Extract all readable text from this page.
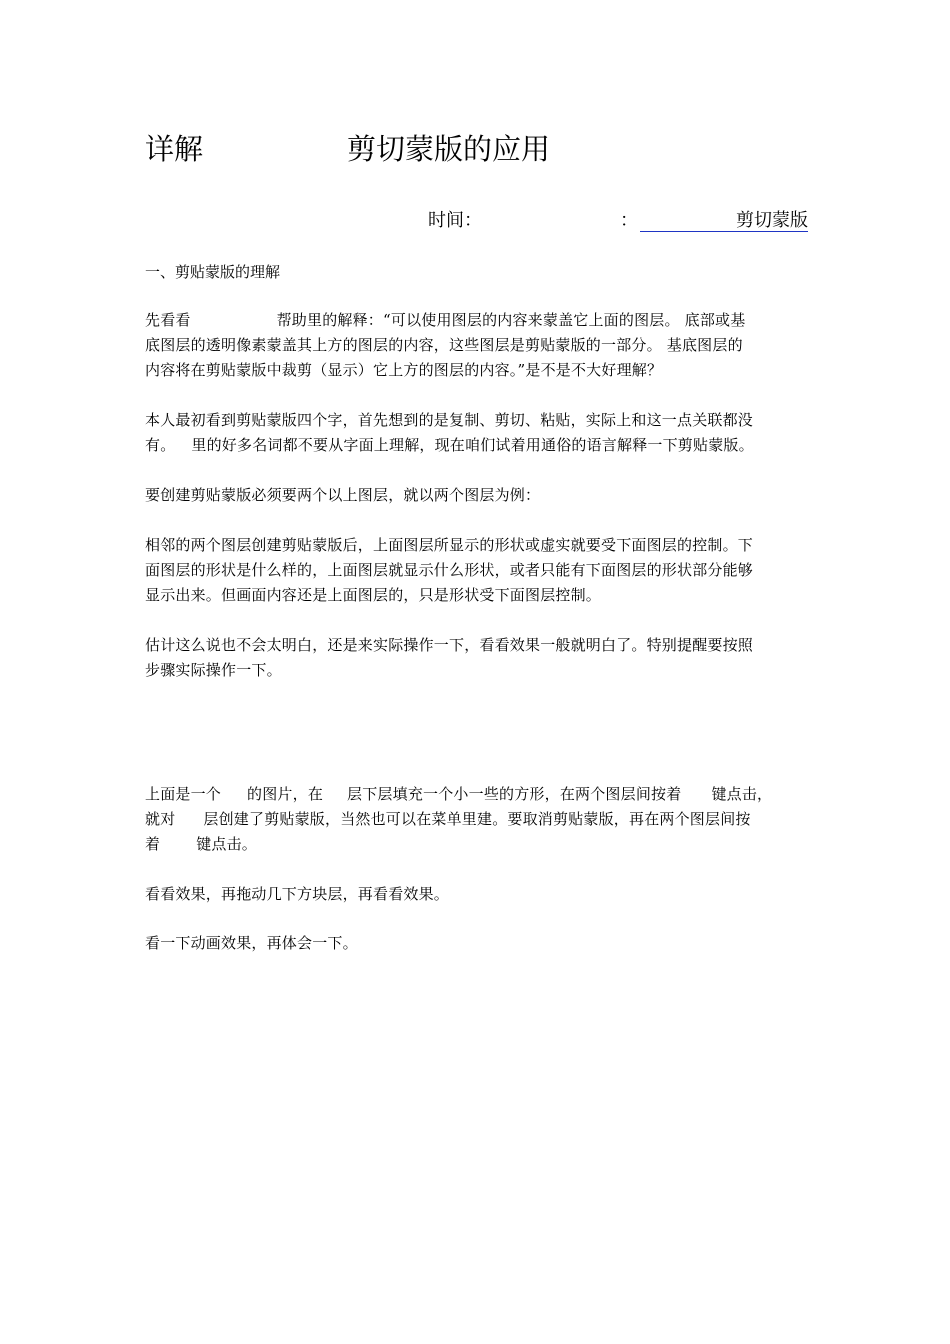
详解	剪切蒙版的应用
时间：	：	剪切蒙版
一、剪贴蒙版的理解
先看看	帮助里的解释：“可以使用图层的内容来蒙盖它上面的图层。 底部或基
底图层的透明像素蒙盖其上方的图层的内容，这些图层是剪贴蒙版的一部分。 基底图层的
内容将在剪贴蒙版中裁剪（显示）它上方的图层的内容。”是不是不大好理解？
本人最初看到剪贴蒙版四个字，首先想到的是复制、剪切、粘贴，实际上和这一点关联都没
有。 里的好多名词都不要从字面上理解，现在咱们试着用通俗的语言解释一下剪贴蒙版。
要创建剪贴蒙版必须要两个以上图层，就以两个图层为例：
相邻的两个图层创建剪贴蒙版后，上面图层所显示的形状或虚实就要受下面图层的控制。下
面图层的形状是什么样的，上面图层就显示什么形状，或者只能有下面图层的形状部分能够
显示出来。但画面内容还是上面图层的，只是形状受下面图层控制。
估计这么说也不会太明白，还是来实际操作一下，看看效果一般就明白了。特别提醒要按照
步骤实际操作一下。
上面是一个 的图片，在 层下层填充一个小一些的方形，在两个图层间按着 键点击，
就对 层创建了剪贴蒙版，当然也可以在菜单里建。要取消剪贴蒙版，再在两个图层间按
着 键点击。
看看效果，再拖动几下方块层，再看看效果。
看一下动画效果，再体会一下。
